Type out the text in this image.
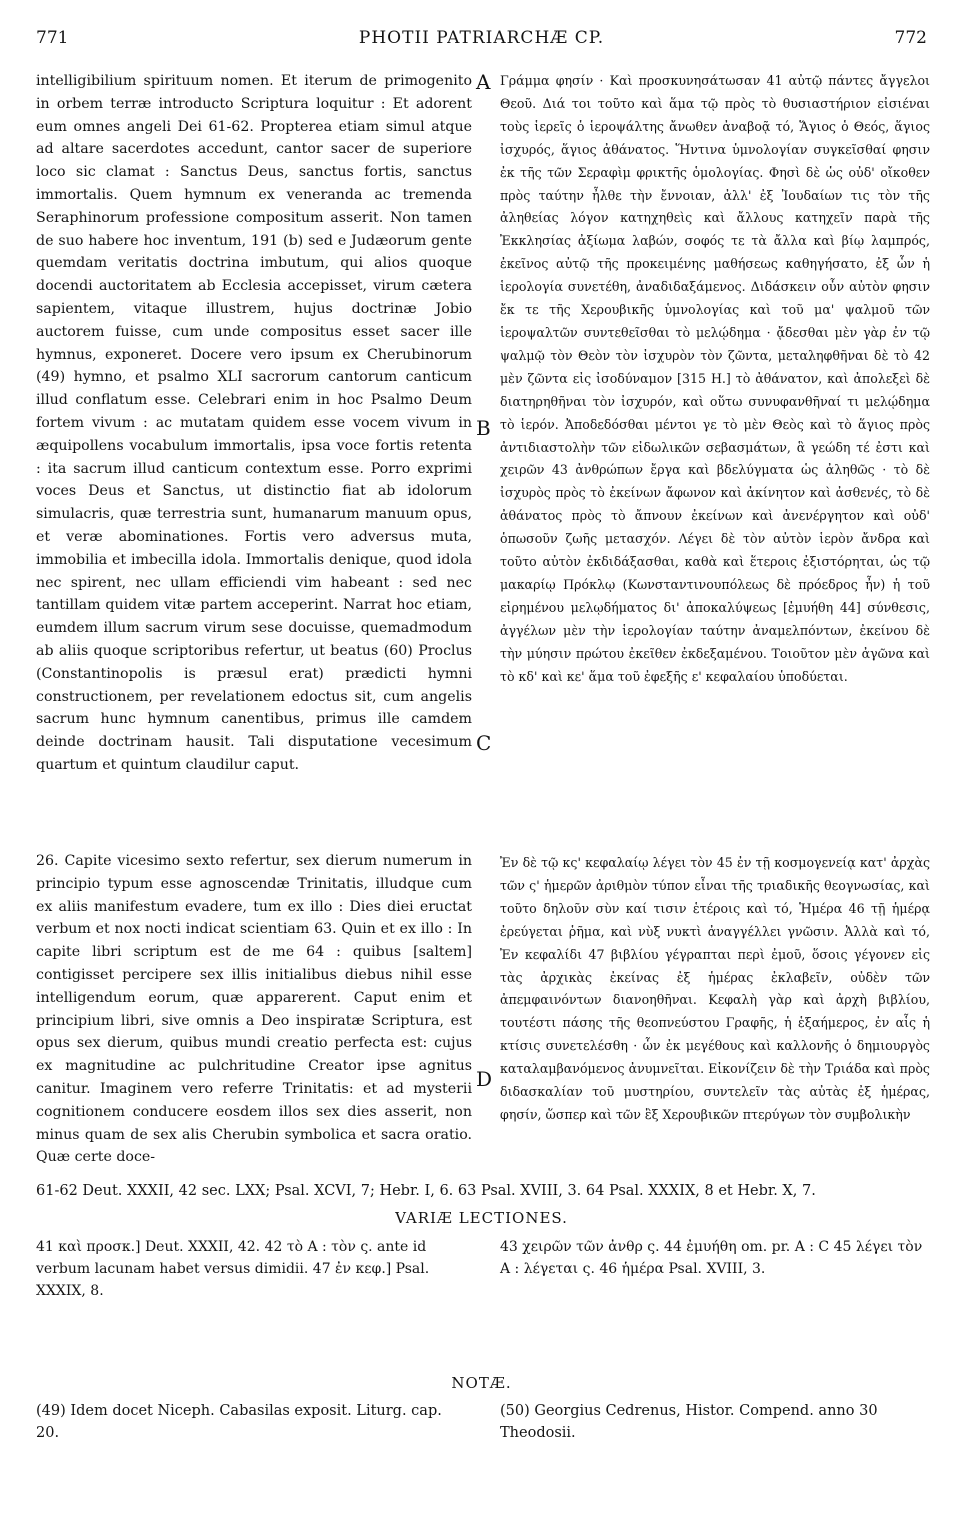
771	PHOTII PATRIARCHÆ CP.	772
intelligibilium spirituum nomen. Et iterum de primogenito in orbem terræ introducto Scriptura loquitur : Et adorent eum omnes angeli Dei 61-62. Propterea etiam simul atque ad altare sacerdotes accedunt, cantor sacer de superiore loco sic clamat : Sanctus Deus, sanctus fortis, sanctus immortalis. Quem hymnum ex veneranda ac tremenda Seraphinorum professione compositum asserit. Non tamen de suo habere hoc inventum, 191 (b) sed e Judæorum gente quemdam veritatis doctrina imbutum, qui alios quoque docendi auctoritatem ab Ecclesia accepisset, virum cætera sapientem, vitaque illustrem, hujus doctrinæ Jobio auctorem fuisse, cum unde compositus esset sacer ille hymnus, exponeret. Docere vero ipsum ex Cherubinorum (49) hymno, et psalmo XLI sacrorum cantorum canticum illud conflatum esse. Celebrari enim in hoc Psalmo Deum fortem vivum : ac mutatam quidem esse vocem vivum in æquipollens vocabulum immortalis, ipsa voce fortis retenta : ita sacrum illud canticum contextum esse. Porro exprimi voces Deus et Sanctus, ut distinctio fiat ab idolorum simulacris, quæ terrestria sunt, humanarum manuum opus, et veræ abominationes. Fortis vero adversus muta, immobilia et imbecilla idola. Immortalis denique, quod idola nec spirent, nec ullam efficiendi vim habeant : sed nec tantillam quidem vitæ partem acceperint. Narrat hoc etiam, eumdem illum sacrum virum sese docuisse, quemadmodum ab aliis quoque scriptoribus refertur, ut beatus (60) Proclus (Constantinopolis is præsul erat) prædicti hymni constructionem, per revelationem edoctus sit, cum angelis sacrum hunc hymnum canentibus, primus ille camdem deinde doctrinam hausit. Tali disputatione vecesimum quartum et quintum claudilur caput.
Γράμμα φησίν · Καὶ προσκυνησάτωσαν 41 αὐτῷ πάντες ἄγγελοι Θεοῦ. Διά τοι τοῦτο καὶ ἅμα τῷ πρὸς τὸ θυσιαστήριον εἰσιέναι τοὺς ἱερεῖς ὁ ἱεροψάλτης ἄνωθεν ἀναβοᾷ τό, Ἅγιος ὁ Θεός, ἅγιος ἰσχυρός, ἅγιος ἀθάνατος. Ἥντινα ὑμνολογίαν συγκεῖσθαί φησιν ἐκ τῆς τῶν Σεραφὶμ φρικτῆς ὁμολογίας. Φησὶ δὲ ὡς οὐδ' οἴκοθεν πρὸς ταύτην ἦλθε τὴν ἔννοιαν, ἀλλ' ἐξ Ἰουδαίων τις τὸν τῆς ἀληθείας λόγον κατηχηθεὶς καὶ ἄλλους κατηχεῖν παρὰ τῆς Ἐκκλησίας ἀξίωμα λαβών, σοφός τε τὰ ἄλλα καὶ βίῳ λαμπρός, ἐκεῖνος αὐτῷ τῆς προκειμένης μαθήσεως καθηγήσατο, ἐξ ὧν ἡ ἱερολογία συνετέθη, ἀναδιδαξάμενος. Διδάσκειν οὖν αὐτὸν φησιν ἔκ τε τῆς Χερουβικῆς ὑμνολογίας καὶ τοῦ μα' ψαλμοῦ τῶν ἱεροψαλτῶν συντεθεῖσθαι τὸ μελῴδημα · ᾄδεσθαι μὲν γὰρ ἐν τῷ ψαλμῷ τὸν Θεὸν τὸν ἰσχυρὸν τὸν ζῶντα, μεταληφθῆναι δὲ τὸ 42 μὲν ζῶντα εἰς ἰσοδύναμον [315 H.] τὸ ἀθάνατον, καὶ ἀπολεξεὶ δὲ διατηρηθῆναι τὸν ἰσχυρόν, καὶ οὕτω συνυφανθῆναί τι μελῴδημα τὸ ἱερόν. Ἀποδεδόσθαι μέντοι γε τὸ μὲν Θεὸς καὶ τὸ ἅγιος πρὸς ἀντιδιαστολὴν τῶν εἰδωλικῶν σεβασμάτων, ἃ γεώδη τέ ἐστι καὶ χειρῶν 43 ἀνθρώπων ἔργα καὶ βδελύγματα ὡς ἀληθῶς · τὸ δὲ ἰσχυρὸς πρὸς τὸ ἐκείνων ἄφωνον καὶ ἀκίνητον καὶ ἀσθενές, τὸ δὲ ἀθάνατος πρὸς τὸ ἄπνουν ἐκείνων καὶ ἀνενέργητον καὶ οὐδ' ὁπωσοῦν ζωῆς μετασχόν. Λέγει δὲ τὸν αὐτὸν ἱερὸν ἄνδρα καὶ τοῦτο αὐτὸν ἐκδιδάξασθαι, καθὰ καὶ ἕτεροις ἐξιστόρηται, ὡς τῷ μακαρίῳ Πρόκλῳ (Κωνσταντινουπόλεως δὲ πρόεδρος ἦν) ἡ τοῦ εἰρημένου μελῳδήματος δι' ἀποκαλύψεως [ἐμυήθη 44] σύνθεσις, ἀγγέλων μὲν τὴν ἱερολογίαν ταύτην ἀναμελπόντων, ἐκείνου δὲ τὴν μύησιν πρώτου ἐκεῖθεν ἐκδεξαμένου. Τοιοῦτον μὲν ἀγῶνα καὶ τὸ κδ' καὶ κε' ἅμα τοῦ ἐφεξῆς ε' κεφαλαίου ὑποδύεται.
A
B
C
D
26. Capite vicesimo sexto refertur, sex dierum numerum in principio typum esse agnoscendæ Trinitatis, illudque cum ex aliis manifestum evadere, tum ex illo : Dies diei eructat verbum et nox nocti indicat scientiam 63. Quin et ex illo : In capite libri scriptum est de me 64 : quibus [saltem] contigisset percipere sex illis initialibus diebus nihil esse intelligendum eorum, quæ apparerent. Caput enim et principium libri, sive omnis a Deo inspiratæ Scriptura, est opus sex dierum, quibus mundi creatio perfecta est: cujus ex magnitudine ac pulchritudine Creator ipse agnitus canitur. Imaginem vero referre Trinitatis: et ad mysterii cognitionem conducere eosdem illos sex dies asserit, non minus quam de sex alis Cherubin symbolica et sacra oratio. Quæ certe doce-
Ἐν δὲ τῷ κς' κεφαλαίῳ λέγει τὸν 45 ἐν τῇ κοσμογενείᾳ κατ' ἀρχὰς τῶν ς' ἡμερῶν ἀριθμὸν τύπον εἶναι τῆς τριαδικῆς θεογνωσίας, καὶ τοῦτο δηλοῦν σὺν καί τισιν ἑτέροις καὶ τό, Ἡμέρα 46 τῇ ἡμέρᾳ ἐρεύγεται ῥῆμα, καὶ νὺξ νυκτὶ ἀναγγέλλει γνῶσιν. Ἀλλὰ καὶ τό, Ἐν κεφαλίδι 47 βιβλίου γέγραπται περὶ ἐμοῦ, ὅσοις γέγονεν εἰς τὰς ἀρχικὰς ἐκείνας ἐξ ἡμέρας ἐκλαβεῖν, οὐδὲν τῶν ἀπεμφαινόντων διανοηθῆναι. Κεφαλὴ γὰρ καὶ ἀρχὴ βιβλίου, τουτέστι πάσης τῆς θεοπνεύστου Γραφῆς, ἡ ἑξαήμερος, ἐν αἷς ἡ κτίσις συνετελέσθη · ὧν ἐκ μεγέθους καὶ καλλονῆς ὁ δημιουργὸς καταλαμβανόμενος ἀνυμνεῖται. Εἰκονίζειν δὲ τὴν Τριάδα καὶ πρὸς διδασκαλίαν τοῦ μυστηρίου, συντελεῖν τὰς αὐτὰς ἐξ ἡμέρας, φησίν, ὥσπερ καὶ τῶν ἓξ Χερουβικῶν πτερύγων τὸν συμβολικὴν
61-62 Deut. XXXII, 42 sec. LXX; Psal. XCVI, 7; Hebr. I, 6. 63 Psal. XVIII, 3. 64 Psal. XXXIX, 8 et Hebr. X, 7.
VARIÆ LECTIONES.
41 καὶ προσκ.] Deut. XXXII, 42. 42 τὸ A : τὸν ς. ante id verbum lacunam habet versus dimidii. 47 ἐν κεφ.] Psal. XXXIX, 8.
43 χειρῶν τῶν ἀνθρ ς. 44 ἐμυήθη om. pr. A : C 45 λέγει τὸν A : λέγεται ς. 46 ἡμέρα Psal. XVIII, 3.
NOTÆ.
(49) Idem docet Niceph. Cabasilas exposit. Liturg. cap. 20.
(50) Georgius Cedrenus, Histor. Compend. anno 30 Theodosii.
